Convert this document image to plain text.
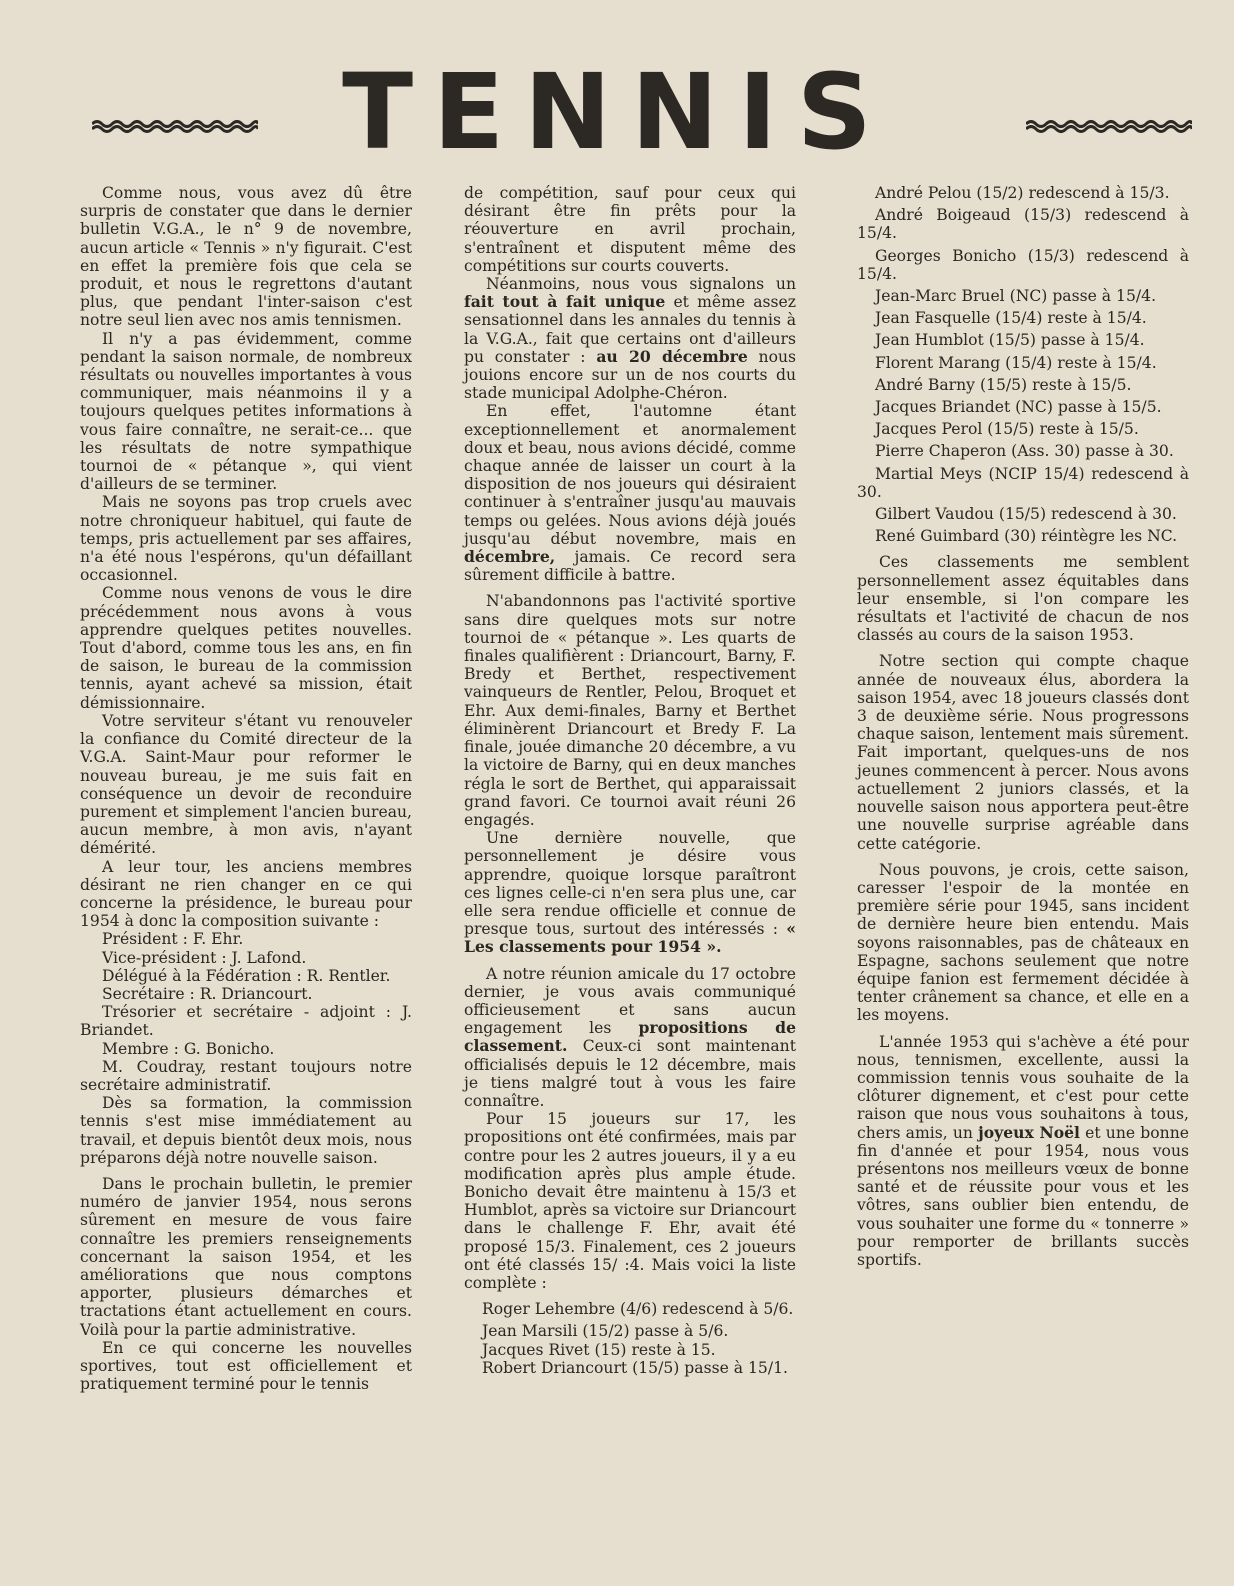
TENNIS

Comme nous, vous avez dû être surpris de constater que dans le dernier bulletin V.G.A., le n° 9 de novembre, aucun article « Tennis » n'y figurait. C'est en effet la première fois que cela se produit, et nous le regrettons d'autant plus, que pendant l'inter-saison c'est notre seul lien avec nos amis tennismen.

Il n'y a pas évidemment, comme pendant la saison normale, de nombreux résultats ou nouvelles importantes à vous communiquer, mais néanmoins il y a toujours quelques petites informations à vous faire connaître, ne serait-ce... que les résultats de notre sympathique tournoi de « pétanque », qui vient d'ailleurs de se terminer.

Mais ne soyons pas trop cruels avec notre chroniqueur habituel, qui faute de temps, pris actuellement par ses affaires, n'a été nous l'espérons, qu'un défaillant occasionnel.

Comme nous venons de vous le dire précédemment nous avons à vous apprendre quelques petites nouvelles. Tout d'abord, comme tous les ans, en fin de saison, le bureau de la commission tennis, ayant achevé sa mission, était démissionnaire.

Votre serviteur s'étant vu renouveler la confiance du Comité directeur de la V.G.A. Saint-Maur pour reformer le nouveau bureau, je me suis fait en conséquence un devoir de reconduire purement et simplement l'ancien bureau, aucun membre, à mon avis, n'ayant démérité.

A leur tour, les anciens membres désirant ne rien changer en ce qui concerne la présidence, le bureau pour 1954 à donc la composition suivante :

Président : F. Ehr.

Vice-président : J. Lafond.

Délégué à la Fédération : R. Rentler.

Secrétaire : R. Driancourt.

Trésorier et secrétaire - adjoint : J. Briandet.

Membre : G. Bonicho.

M. Coudray, restant toujours notre secrétaire administratif.

Dès sa formation, la commission tennis s'est mise immédiatement au travail, et depuis bientôt deux mois, nous préparons déjà notre nouvelle saison.

Dans le prochain bulletin, le premier numéro de janvier 1954, nous serons sûrement en mesure de vous faire connaître les premiers renseignements concernant la saison 1954, et les améliorations que nous comptons apporter, plusieurs démarches et tractations étant actuellement en cours. Voilà pour la partie administrative.

En ce qui concerne les nouvelles sportives, tout est officiellement et pratiquement terminé pour le tennis

de compétition, sauf pour ceux qui désirant être fin prêts pour la réouverture en avril prochain, s'entraînent et disputent même des compétitions sur courts couverts.

Néanmoins, nous vous signalons un fait tout à fait unique et même assez sensationnel dans les annales du tennis à la V.G.A., fait que certains ont d'ailleurs pu constater : au 20 décembre nous jouions encore sur un de nos courts du stade municipal Adolphe-Chéron.

En effet, l'automne étant exceptionnellement et anormalement doux et beau, nous avions décidé, comme chaque année de laisser un court à la disposition de nos joueurs qui désiraient continuer à s'entraîner jusqu'au mauvais temps ou gelées. Nous avions déjà joués jusqu'au début novembre, mais en décembre, jamais. Ce record sera sûrement difficile à battre.

N'abandonnons pas l'activité sportive sans dire quelques mots sur notre tournoi de « pétanque ». Les quarts de finales qualifièrent : Driancourt, Barny, F. Bredy et Berthet, respectivement vainqueurs de Rentler, Pelou, Broquet et Ehr. Aux demi-finales, Barny et Berthet éliminèrent Driancourt et Bredy F. La finale, jouée dimanche 20 décembre, a vu la victoire de Barny, qui en deux manches régla le sort de Berthet, qui apparaissait grand favori. Ce tournoi avait réuni 26 engagés.

Une dernière nouvelle, que personnellement je désire vous apprendre, quoique lorsque paraîtront ces lignes celle-ci n'en sera plus une, car elle sera rendue officielle et connue de presque tous, surtout des intéressés : « Les classements pour 1954 ».

A notre réunion amicale du 17 octobre dernier, je vous avais communiqué officieusement et sans aucun engagement les propositions de classement. Ceux-ci sont maintenant officialisés depuis le 12 décembre, mais je tiens malgré tout à vous les faire connaître.

Pour 15 joueurs sur 17, les propositions ont été confirmées, mais par contre pour les 2 autres joueurs, il y a eu modification après plus ample étude. Bonicho devait être maintenu à 15/3 et Humblot, après sa victoire sur Driancourt dans le challenge F. Ehr, avait été proposé 15/3. Finalement, ces 2 joueurs ont été classés 15/ :4. Mais voici la liste complète :

Roger Lehembre (4/6) redescend à 5/6.

Jean Marsili (15/2) passe à 5/6.

Jacques Rivet (15) reste à 15.

Robert Driancourt (15/5) passe à 15/1.

André Pelou (15/2) redescend à 15/3.

André Boigeaud (15/3) redescend à 15/4.

Georges Bonicho (15/3) redescend à 15/4.

Jean-Marc Bruel (NC) passe à 15/4.

Jean Fasquelle (15/4) reste à 15/4.

Jean Humblot (15/5) passe à 15/4.

Florent Marang (15/4) reste à 15/4.

André Barny (15/5) reste à 15/5.

Jacques Briandet (NC) passe à 15/5.

Jacques Perol (15/5) reste à 15/5.

Pierre Chaperon (Ass. 30) passe à 30.

Martial Meys (NCIP 15/4) redescend à 30.

Gilbert Vaudou (15/5) redescend à 30.

René Guimbard (30) réintègre les NC.

Ces classements me semblent personnellement assez équitables dans leur ensemble, si l'on compare les résultats et l'activité de chacun de nos classés au cours de la saison 1953.

Notre section qui compte chaque année de nouveaux élus, abordera la saison 1954, avec 18 joueurs classés dont 3 de deuxième série. Nous progressons chaque saison, lentement mais sûrement. Fait important, quelques-uns de nos jeunes commencent à percer. Nous avons actuellement 2 juniors classés, et la nouvelle saison nous apportera peut-être une nouvelle surprise agréable dans cette catégorie.

Nous pouvons, je crois, cette saison, caresser l'espoir de la montée en première série pour 1945, sans incident de dernière heure bien entendu. Mais soyons raisonnables, pas de châteaux en Espagne, sachons seulement que notre équipe fanion est fermement décidée à tenter crânement sa chance, et elle en a les moyens.

L'année 1953 qui s'achève a été pour nous, tennismen, excellente, aussi la commission tennis vous souhaite de la clôturer dignement, et c'est pour cette raison que nous vous souhaitons à tous, chers amis, un joyeux Noël et une bonne fin d'année et pour 1954, nous vous présentons nos meilleurs vœux de bonne santé et de réussite pour vous et les vôtres, sans oublier bien entendu, de vous souhaiter une forme du « tonnerre » pour remporter de brillants succès sportifs.
